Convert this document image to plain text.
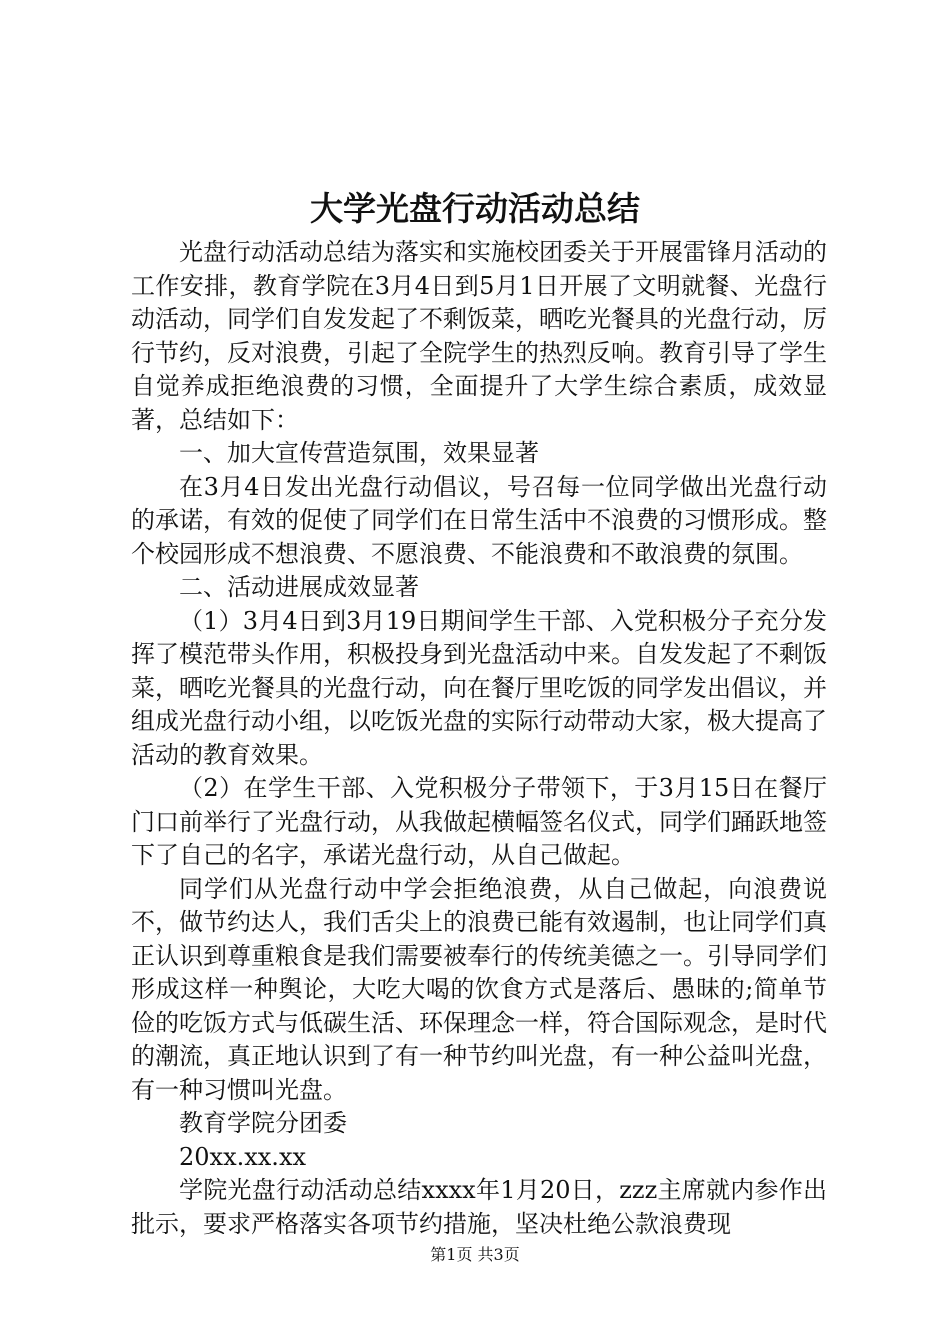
大学光盘行动活动总结

光盘行动活动总结为落实和实施校团委关于开展雷锋月活动的工作安排，教育学院在3月4日到5月1日开展了文明就餐、光盘行动活动，同学们自发发起了不剩饭菜，晒吃光餐具的光盘行动，厉行节约，反对浪费，引起了全院学生的热烈反响。教育引导了学生自觉养成拒绝浪费的习惯，全面提升了大学生综合素质，成效显著，总结如下：

一、加大宣传营造氛围，效果显著

在3月4日发出光盘行动倡议，号召每一位同学做出光盘行动的承诺，有效的促使了同学们在日常生活中不浪费的习惯形成。整个校园形成不想浪费、不愿浪费、不能浪费和不敢浪费的氛围。

二、活动进展成效显著

（1）3月4日到3月19日期间学生干部、入党积极分子充分发挥了模范带头作用，积极投身到光盘活动中来。自发发起了不剩饭菜，晒吃光餐具的光盘行动，向在餐厅里吃饭的同学发出倡议，并组成光盘行动小组，以吃饭光盘的实际行动带动大家，极大提高了活动的教育效果。

（2）在学生干部、入党积极分子带领下，于3月15日在餐厅门口前举行了光盘行动，从我做起横幅签名仪式，同学们踊跃地签下了自己的名字，承诺光盘行动，从自己做起。

同学们从光盘行动中学会拒绝浪费，从自己做起，向浪费说不，做节约达人，我们舌尖上的浪费已能有效遏制，也让同学们真正认识到尊重粮食是我们需要被奉行的传统美德之一。引导同学们形成这样一种舆论，大吃大喝的饮食方式是落后、愚昧的;简单节俭的吃饭方式与低碳生活、环保理念一样，符合国际观念，是时代的潮流，真正地认识到了有一种节约叫光盘，有一种公益叫光盘，有一种习惯叫光盘。

教育学院分团委

20xx.xx.xx

学院光盘行动活动总结xxxx年1月20日，zzz主席就内参作出批示，要求严格落实各项节约措施，坚决杜绝公款浪费现

第1页 共3页
